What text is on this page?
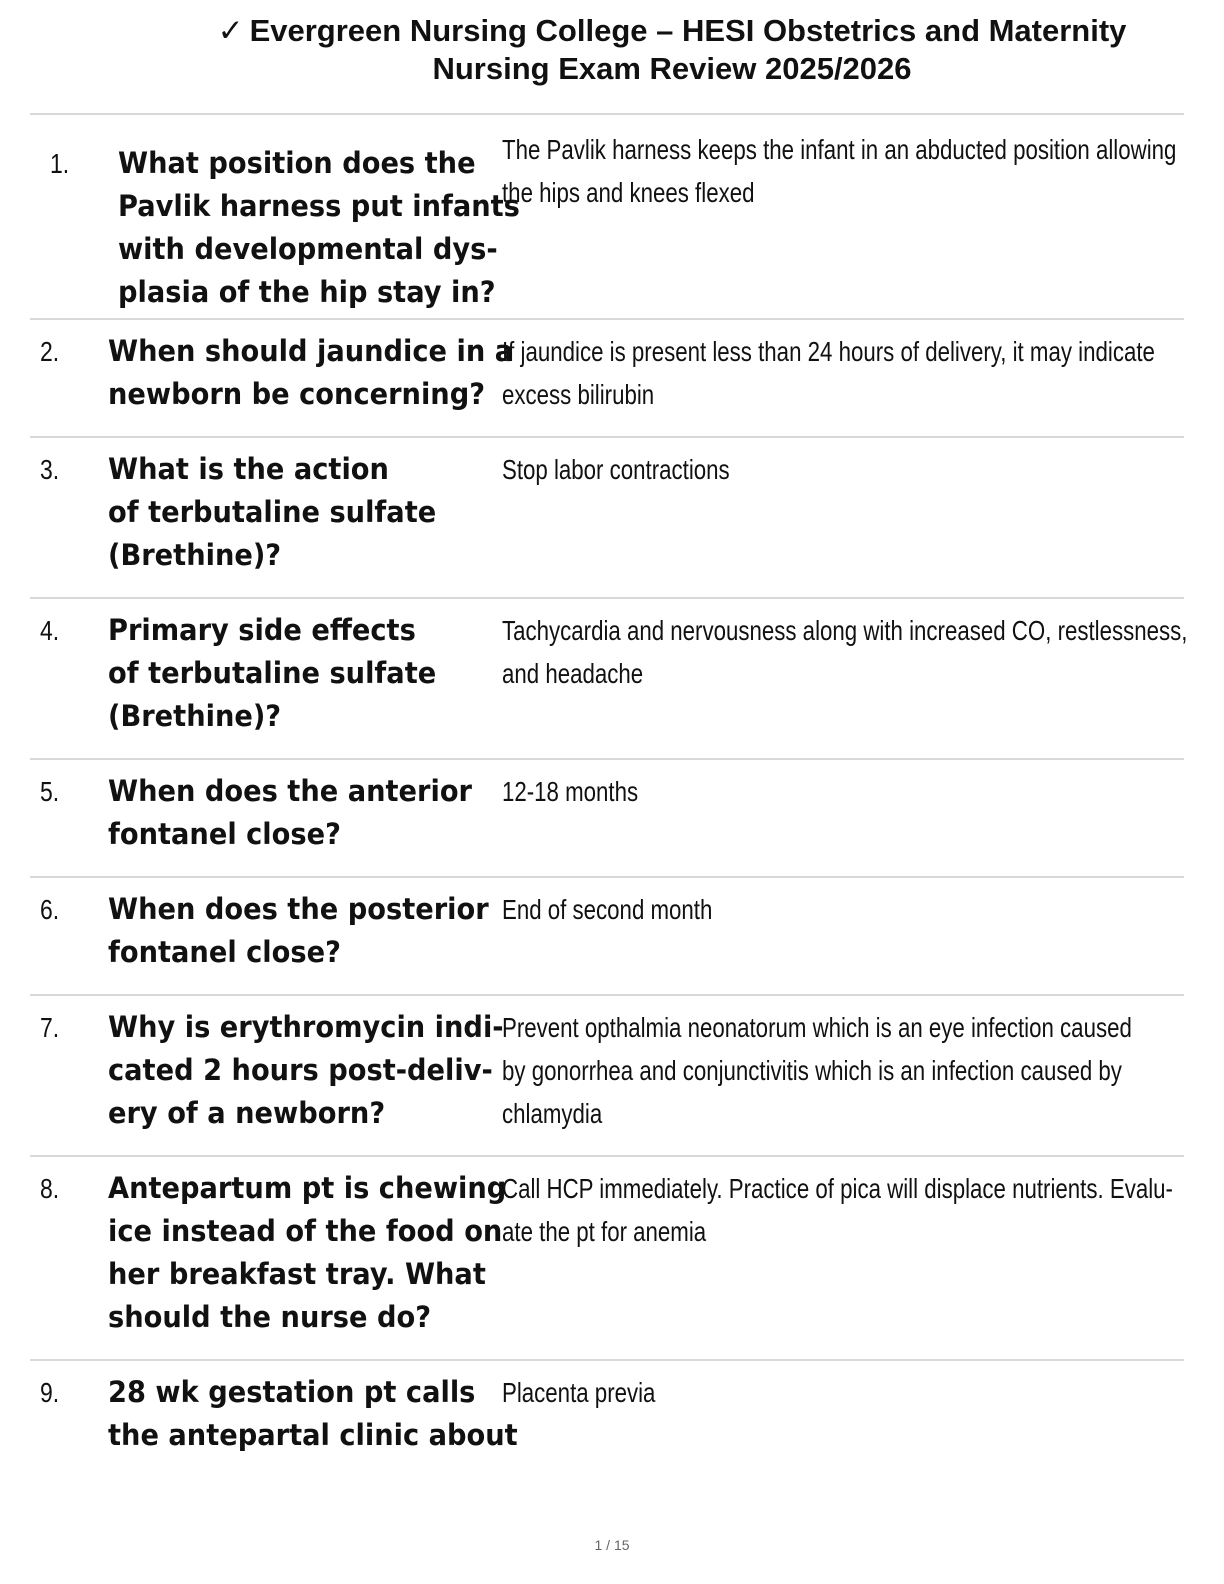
✓ Evergreen Nursing College – HESI Obstetrics and Maternity
Nursing Exam Review 2025/2026
1. What position does the
Pavlik harness put infants
with developmental dys-
plasia of the hip stay in?
The Pavlik harness keeps the infant in an abducted position allowing
the hips and knees flexed
2. When should jaundice in a
newborn be concerning?
If jaundice is present less than 24 hours of delivery, it may indicate
excess bilirubin
3. What is the action
of terbutaline sulfate
(Brethine)?
Stop labor contractions
4. Primary side effects
of terbutaline sulfate
(Brethine)?
Tachycardia and nervousness along with increased CO, restlessness,
and headache
5. When does the anterior
fontanel close?
12-18 months
6. When does the posterior
fontanel close?
End of second month
7. Why is erythromycin indi-
cated 2 hours post-deliv-
ery of a newborn?
Prevent opthalmia neonatorum which is an eye infection caused
by gonorrhea and conjunctivitis which is an infection caused by
chlamydia
8. Antepartum pt is chewing
ice instead of the food on
her breakfast tray. What
should the nurse do?
Call HCP immediately. Practice of pica will displace nutrients. Evalu-
ate the pt for anemia
9. 28 wk gestation pt calls
the antepartal clinic about
Placenta previa
1 / 15
